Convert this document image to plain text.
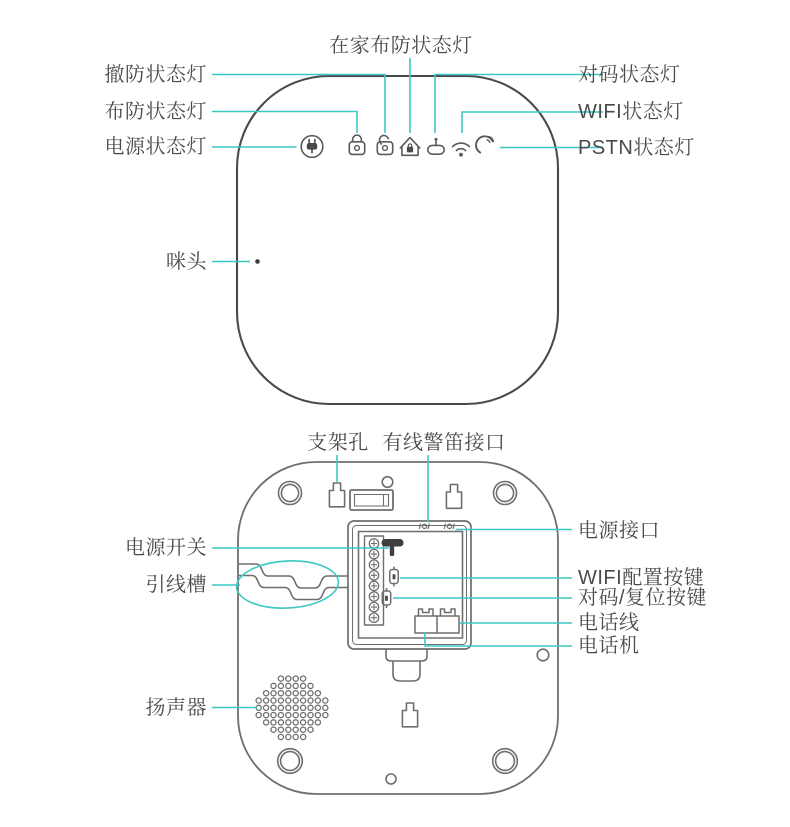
在家布防状态灯
撤防状态灯
布防状态灯
电源状态灯
咪头
对码状态灯
WIFI状态灯
PSTN状态灯
支架孔 有线警笛接口
电源开关
引线槽
扬声器
电源接口
WIFI配置按键
对码/复位按键
电话线
电话机
